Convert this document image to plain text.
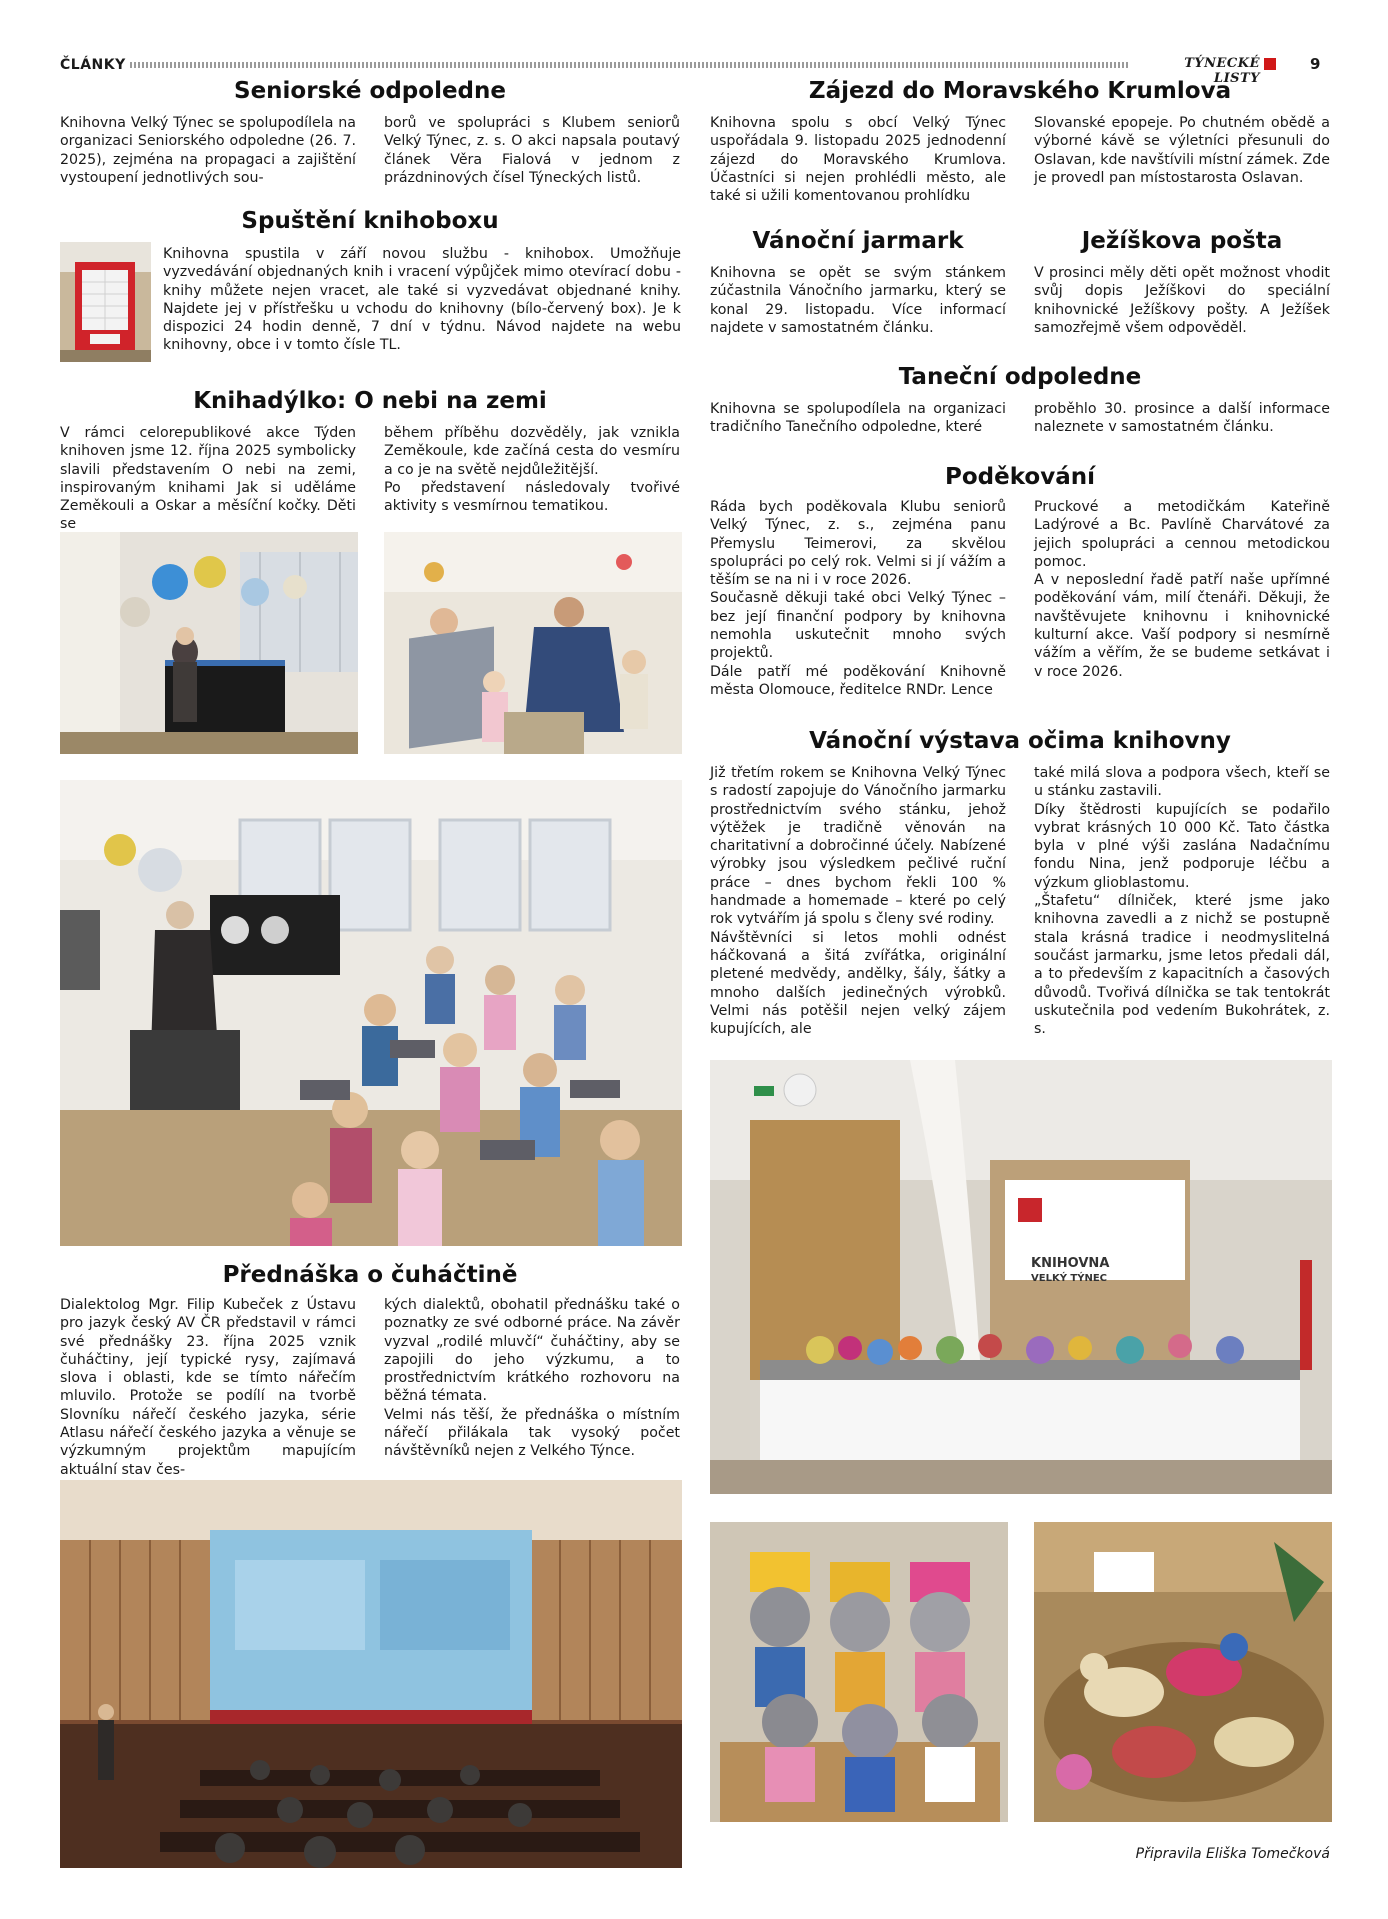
ČLÁNKY	TÝNECKÉ LISTY
9
Seniorské odpoledne

Knihovna Velký Týnec se spolupodílela na organizaci Seniorského odpoledne (26. 7. 2025), zejména na propagaci a zajištění vystoupení jednotlivých sou-

borů ve spolupráci s Klubem seniorů Velký Týnec, z. s. O akci napsala poutavý článek Věra Fialová v jednom z prázdninových čísel Týneckých listů.

Spuštění knihoboxu

Knihovna spustila v září novou službu - knihobox. Umožňuje vyzvedávání objednaných knih i vracení výpůjček mimo otevírací dobu - knihy můžete nejen vracet, ale také si vyzvedávat objednané knihy. Najdete jej v přístřešku u vchodu do knihovny (bílo-červený box). Je k dispozici 24 hodin denně, 7 dní v týdnu. Návod najdete na webu knihovny, obce i v tomto čísle TL.

Knihadýlko: O nebi na zemi

V rámci celorepublikové akce Týden knihoven jsme 12. října 2025 symbolicky slavili představením O nebi na zemi, inspirovaným knihami Jak si uděláme Zeměkouli a Oskar a měsíční kočky. Děti se

během příběhu dozvěděly, jak vznikla Zeměkoule, kde začíná cesta do vesmíru a co je na světě nejdůležitější.
Po představení následovaly tvořivé aktivity s vesmírnou tematikou.

Přednáška o čuháčtině

Dialektolog Mgr. Filip Kubeček z Ústavu pro jazyk český AV ČR představil v rámci své přednášky 23. října 2025 vznik čuháčtiny, její typické rysy, zajímavá slova i oblasti, kde se tímto nářečím mluvilo. Protože se podílí na tvorbě Slovníku nářečí českého jazyka, série Atlasu nářečí českého jazyka a věnuje se výzkumným projektům mapujícím aktuální stav čes-

kých dialektů, obohatil přednášku také o poznatky ze své odborné práce. Na závěr vyzval „rodilé mluvčí“ čuháčtiny, aby se zapojili do jeho výzkumu, a to prostřednictvím krátkého rozhovoru na běžná témata.
Velmi nás těší, že přednáška o místním nářečí přilákala tak vysoký počet návštěvníků nejen z Velkého Týnce.

Zájezd do Moravského Krumlova

Knihovna spolu s obcí Velký Týnec uspořádala 9. listopadu 2025 jednodenní zájezd do Moravského Krumlova. Účastníci si nejen prohlédli město, ale také si užili komentovanou prohlídku

Slovanské epopeje. Po chutném obědě a výborné kávě se výletníci přesunuli do Oslavan, kde navštívili místní zámek. Zde je provedl pan místostarosta Oslavan.

Vánoční jarmark

Knihovna se opět se svým stánkem zúčastnila Vánočního jarmarku, který se konal 29. listopadu. Více informací najdete v samostatném článku.

Ježíškova pošta

V prosinci měly děti opět možnost vhodit svůj dopis Ježíškovi do speciální knihovnické Ježíškovy pošty. A Ježíšek samozřejmě všem odpověděl.

Taneční odpoledne

Knihovna se spolupodílela na organizaci tradičního Tanečního odpoledne, které

proběhlo 30. prosince a další informace naleznete v samostatném článku.

Poděkování

Ráda bych poděkovala Klubu seniorů Velký Týnec, z. s., zejména panu Přemyslu Teimerovi, za skvělou spolupráci po celý rok. Velmi si jí vážím a těším se na ni i v roce 2026.
Současně děkuji také obci Velký Týnec – bez její finanční podpory by knihovna nemohla uskutečnit mnoho svých projektů.
Dále patří mé poděkování Knihovně města Olomouce, ředitelce RNDr. Lence

Pruckové a metodičkám Kateřině Ladýrové a Bc. Pavlíně Charvátové za jejich spolupráci a cennou metodickou pomoc.
A v neposlední řadě patří naše upřímné poděkování vám, milí čtenáři. Děkuji, že navštěvujete knihovnu i knihovnické kulturní akce. Vaší podpory si nesmírně vážím a věřím, že se budeme setkávat i v roce 2026.

Vánoční výstava očima knihovny

Již třetím rokem se Knihovna Velký Týnec s radostí zapojuje do Vánočního jarmarku prostřednictvím svého stánku, jehož výtěžek je tradičně věnován na charitativní a dobročinné účely. Nabízené výrobky jsou výsledkem pečlivé ruční práce – dnes bychom řekli 100 % handmade a homemade – které po celý rok vytvářím já spolu s členy své rodiny.
Návštěvníci si letos mohli odnést háčkovaná a šitá zvířátka, originální pletené medvědy, andělky, šály, šátky a mnoho dalších jedinečných výrobků. Velmi nás potěšil nejen velký zájem kupujících, ale

také milá slova a podpora všech, kteří se u stánku zastavili.
Díky štědrosti kupujících se podařilo vybrat krásných 10 000 Kč. Tato částka byla v plné výši zaslána Nadačnímu fondu Nina, jenž podporuje léčbu a výzkum glioblastomu.
„Štafetu“ dílniček, které jsme jako knihovna zavedli a z nichž se postupně stala krásná tradice i neodmyslitelná součást jarmarku, jsme letos předali dál, a to především z kapacitních a časových důvodů. Tvořivá dílnička se tak tentokrát uskutečnila pod vedením Bukohrátek, z. s.

KNIHOVNA
VELKÝ TÝNEC
Připravila Eliška Tomečková
